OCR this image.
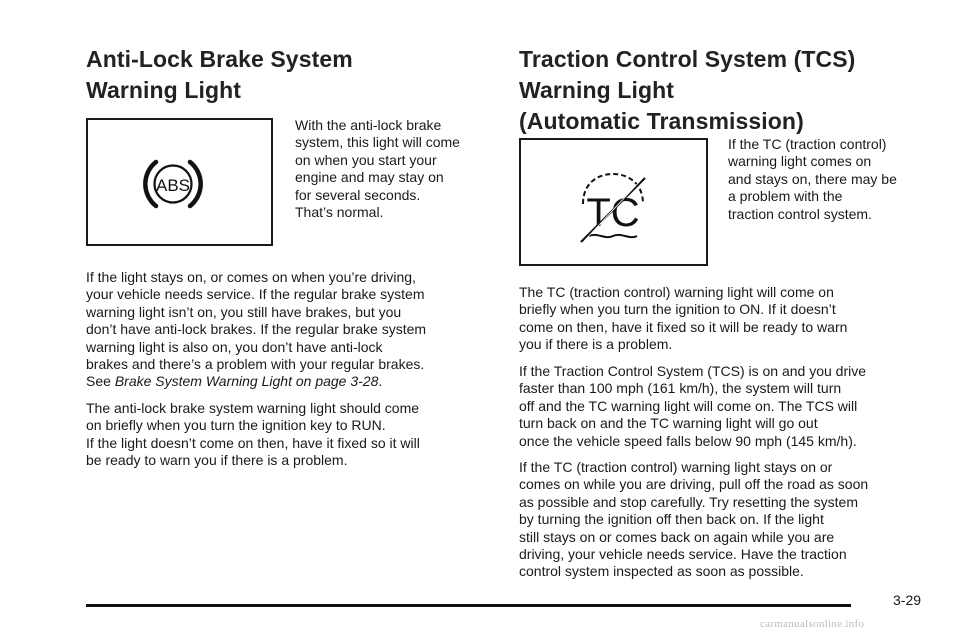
Anti-Lock Brake System
Warning Light
ABS
With the anti-lock brake
system, this light will come
on when you start your
engine and may stay on
for several seconds.
That’s normal.

If the light stays on, or comes on when you’re driving,
your vehicle needs service. If the regular brake system
warning light isn’t on, you still have brakes, but you
don’t have anti-lock brakes. If the regular brake system
warning light is also on, you don’t have anti-lock
brakes and there’s a problem with your regular brakes.
See Brake System Warning Light on page 3-28.

The anti-lock brake system warning light should come
on briefly when you turn the ignition key to RUN.
If the light doesn’t come on then, have it fixed so it will
be ready to warn you if there is a problem.

Traction Control System (TCS)
Warning Light
(Automatic Transmission)
TC
If the TC (traction control)
warning light comes on
and stays on, there may be
a problem with the
traction control system.

The TC (traction control) warning light will come on
briefly when you turn the ignition to ON. If it doesn’t
come on then, have it fixed so it will be ready to warn
you if there is a problem.

If the Traction Control System (TCS) is on and you drive
faster than 100 mph (161 km/h), the system will turn
off and the TC warning light will come on. The TCS will
turn back on and the TC warning light will go out
once the vehicle speed falls below 90 mph (145 km/h).

If the TC (traction control) warning light stays on or
comes on while you are driving, pull off the road as soon
as possible and stop carefully. Try resetting the system
by turning the ignition off then back on. If the light
still stays on or comes back on again while you are
driving, your vehicle needs service. Have the traction
control system inspected as soon as possible.

3-29
carmanualsonline.info
